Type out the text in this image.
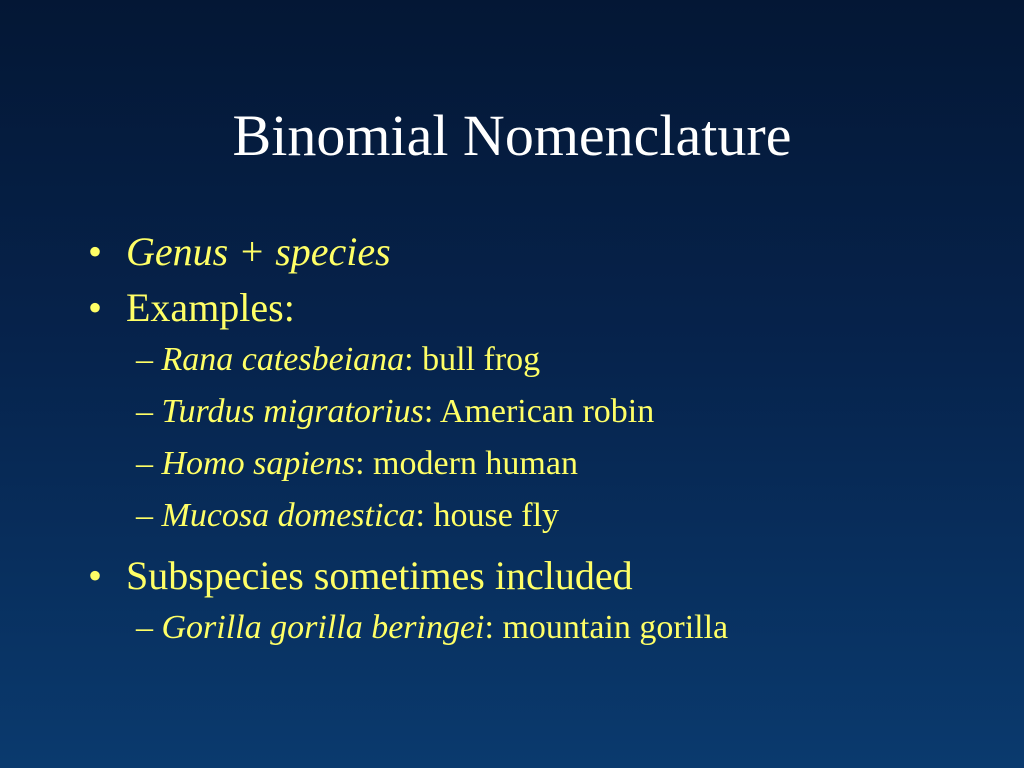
Binomial Nomenclature
• Genus + species
• Examples:
– Rana catesbeiana: bull frog
– Turdus migratorius: American robin
– Homo sapiens: modern human
– Mucosa domestica: house fly
• Subspecies sometimes included
– Gorilla gorilla beringei: mountain gorilla
